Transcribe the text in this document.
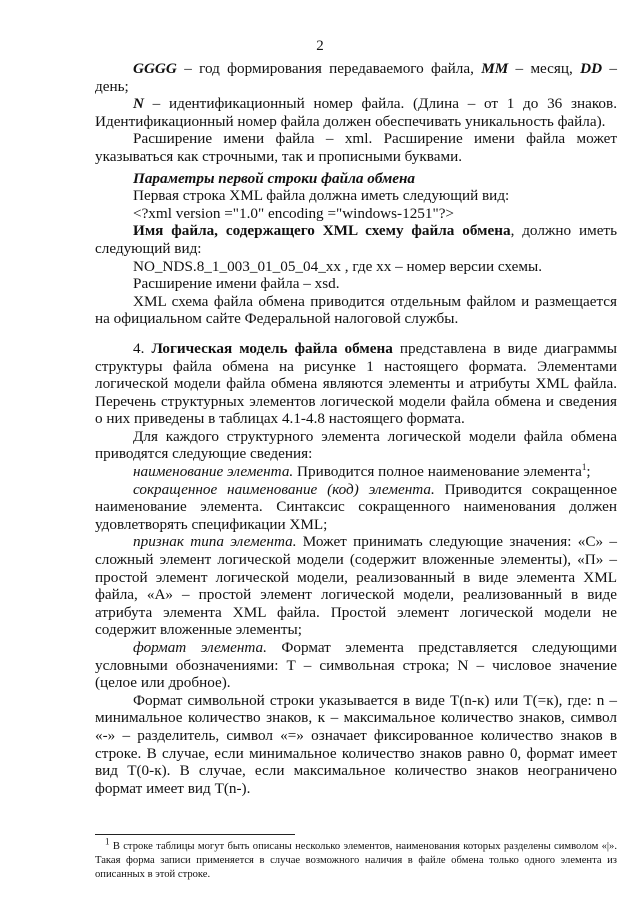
2

GGGG – год формирования передаваемого файла, ММ – месяц, DD – день;

N – идентификационный номер файла. (Длина – от 1 до 36 знаков. Идентификационный номер файла должен обеспечивать уникальность файла).

Расширение имени файла – xml. Расширение имени файла может указываться как строчными, так и прописными буквами.

Параметры первой строки файла обмена

Первая строка XML файла должна иметь следующий вид:

<?xml version ="1.0" encoding ="windows-1251"?>

Имя файла, содержащего XML схему файла обмена, должно иметь следующий вид:

NO_NDS.8_1_003_01_05_04_xx , где хх – номер версии схемы.

Расширение имени файла – xsd.

XML схема файла обмена приводится отдельным файлом и размещается на официальном сайте Федеральной налоговой службы.

4. Логическая модель файла обмена представлена в виде диаграммы структуры файла обмена на рисунке 1 настоящего формата. Элементами логической модели файла обмена являются элементы и атрибуты XML файла. Перечень структурных элементов логической модели файла обмена и сведения о них приведены в таблицах 4.1-4.8 настоящего формата.

Для каждого структурного элемента логической модели файла обмена приводятся следующие сведения:

наименование элемента. Приводится полное наименование элемента$^1$;

сокращенное наименование (код) элемента. Приводится сокращенное наименование элемента. Синтаксис сокращенного наименования должен удовлетворять спецификации XML;

признак типа элемента. Может принимать следующие значения: «С» – сложный элемент логической модели (содержит вложенные элементы), «П» – простой элемент логической модели, реализованный в виде элемента XML файла, «А» – простой элемент логической модели, реализованный в виде атрибута элемента XML файла. Простой элемент логической модели не содержит вложенные элементы;

формат элемента. Формат элемента представляется следующими условными обозначениями: Т – символьная строка; N – числовое значение (целое или дробное).

Формат символьной строки указывается в виде Т(n-к) или Т(=к), где: n – минимальное количество знаков, к – максимальное количество знаков, символ «-» – разделитель, символ «=» означает фиксированное количество знаков в строке. В случае, если минимальное количество знаков равно 0, формат имеет вид Т(0-к). В случае, если максимальное количество знаков неограничено формат имеет вид Т(n-).

$^1$ В строке таблицы могут быть описаны несколько элементов, наименования которых разделены символом «|». Такая форма записи применяется в случае возможного наличия в файле обмена только одного элемента из описанных в этой строке.
